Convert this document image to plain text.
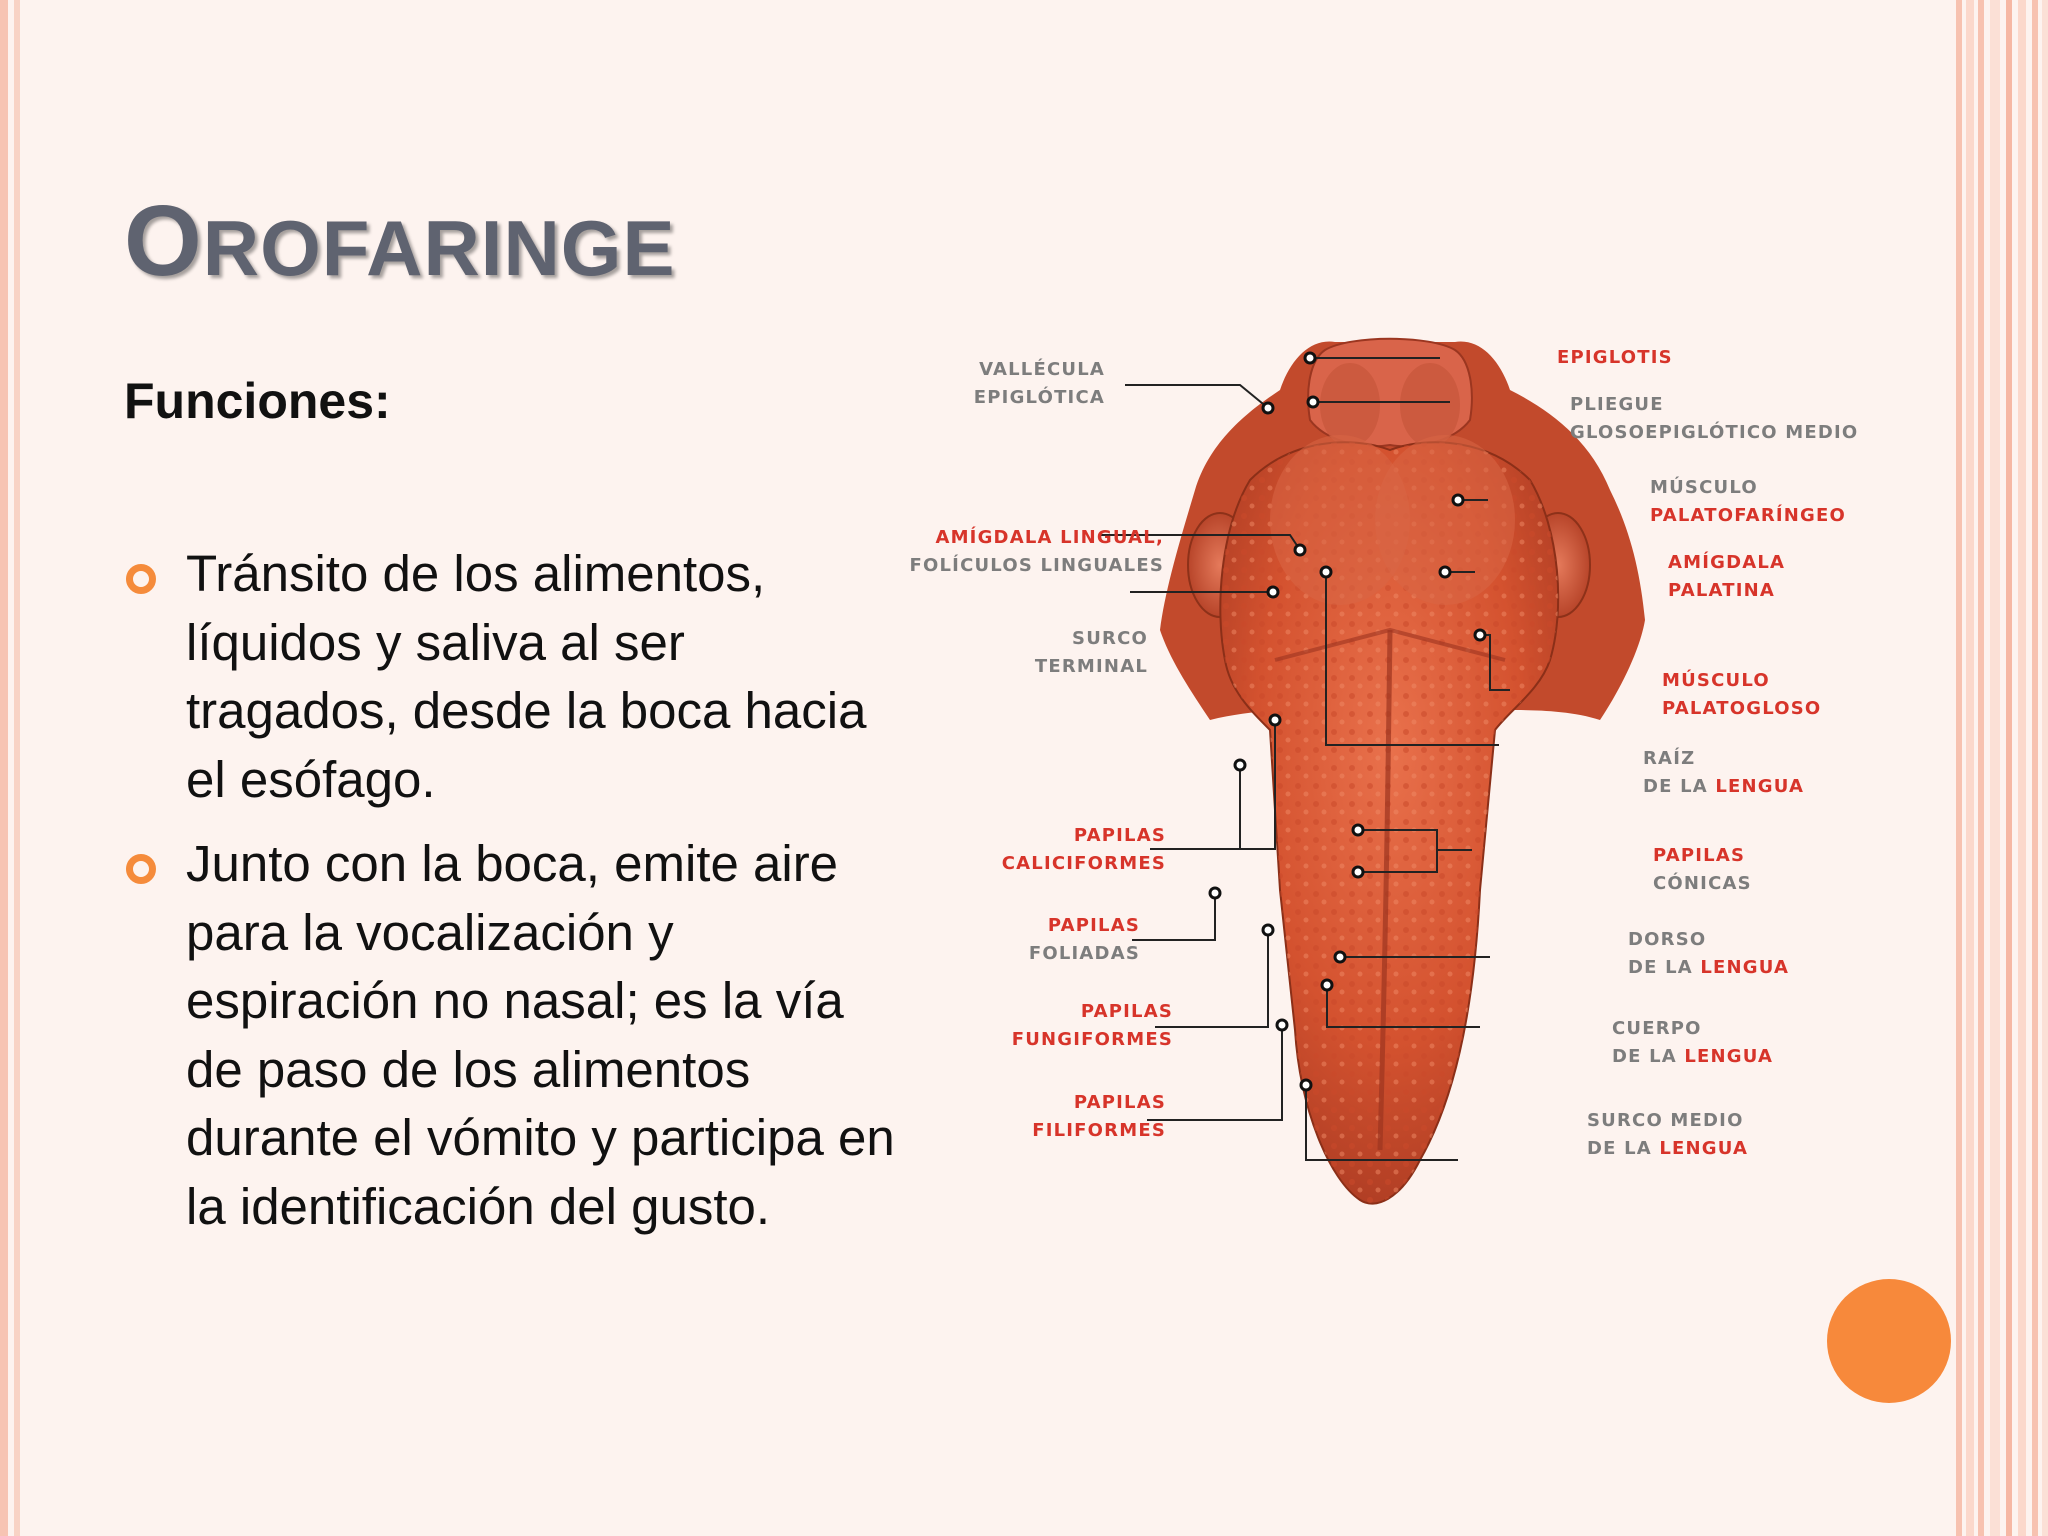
OROFARINGE
Funciones:
Tránsito de los alimentos, líquidos y saliva al ser tragados, desde la boca hacia el esófago.
Junto con la boca, emite aire para la vocalización y espiración no nasal; es la vía de paso de los alimentos durante el vómito y participa en la identificación del gusto.
VALLÉCULA
EPIGLÓTICA
EPIGLOTIS
PLIEGUE
GLOSOEPIGLÓTICO MEDIO
MÚSCULO
PALATOFARÍNGEO
AMÍGDALA LINGUAL,
FOLÍCULOS LINGUALES	AMÍGDALA
PALATINA
SURCO
TERMINAL
MÚSCULO
PALATOGLOSO
RAÍZ
DE LA LENGUA
PAPILAS
CALICIFORMES	PAPILAS
CÓNICAS
PAPILAS
FOLIADAS
DORSO
DE LA LENGUA
PAPILAS
FUNGIFORMES
CUERPO
DE LA LENGUA
PAPILAS
FILIFORMES	SURCO MEDIO
DE LA LENGUA
